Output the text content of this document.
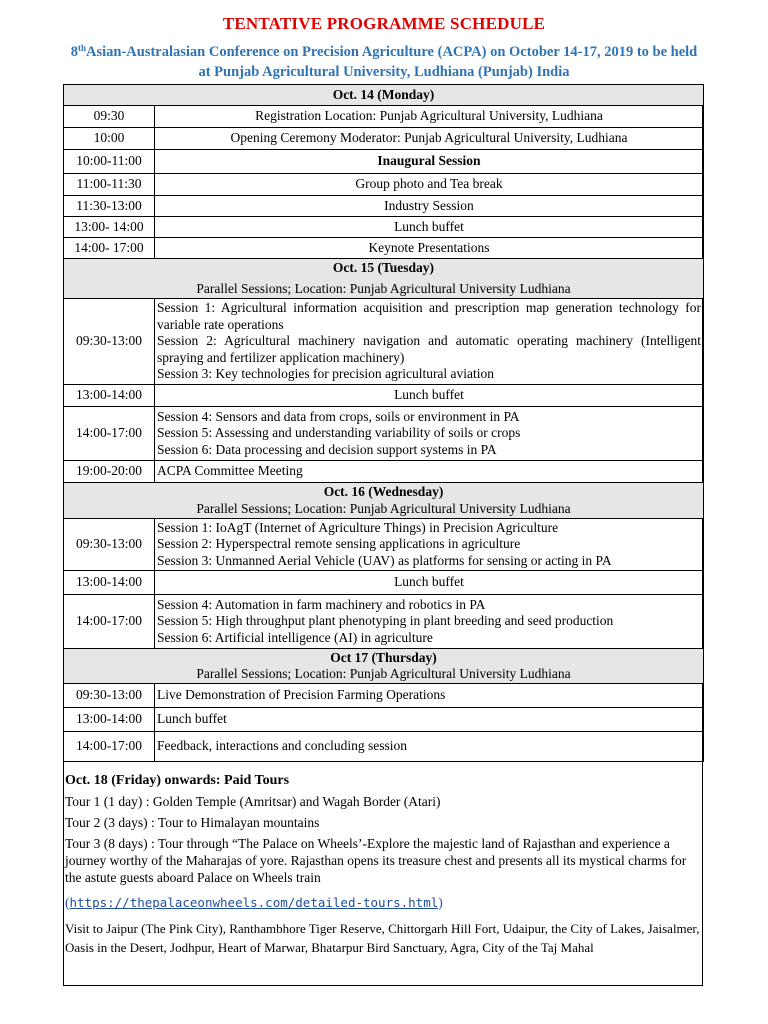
TENTATIVE PROGRAMME SCHEDULE
8thAsian-Australasian Conference on Precision Agriculture (ACPA) on October 14-17, 2019 to be held
at Punjab Agricultural University, Ludhiana (Punjab) India
Oct. 14 (Monday)	
09:30	Registration Location: Punjab Agricultural University, Ludhiana
10:00	Opening Ceremony Moderator: Punjab Agricultural University, Ludhiana
10:00-11:00	Inaugural Session
11:00-11:30	Group photo and Tea break
11:30-13:00	Industry Session
13:00- 14:00	Lunch buffet
14:00- 17:00	Keynote Presentations

Oct. 15 (Tuesday)
Parallel Sessions; Location: Punjab Agricultural University Ludhiana	

09:30-13:00	Session 1: Agricultural information acquisition and prescription map generation technology for variable rate operations
Session 2: Agricultural machinery navigation and automatic operating machinery (Intelligent spraying and fertilizer application machinery)
Session 3: Key technologies for precision agricultural aviation

13:00-14:00	Lunch buffet
14:00-17:00	Session 4: Sensors and data from crops, soils or environment in PA
Session 5: Assessing and understanding variability of soils or crops
Session 6: Data processing and decision support systems in PA

19:00-20:00	ACPA Committee Meeting

Oct. 16 (Wednesday)
Parallel Sessions; Location: Punjab Agricultural University Ludhiana	

09:30-13:00	Session 1: IoAgT (Internet of Agriculture Things) in Precision Agriculture
Session 2: Hyperspectral remote sensing applications in agriculture
Session 3: Unmanned Aerial Vehicle (UAV) as platforms for sensing or acting in PA

13:00-14:00	Lunch buffet
14:00-17:00	Session 4: Automation in farm machinery and robotics in PA
Session 5: High throughput plant phenotyping in plant breeding and seed production
Session 6: Artificial intelligence (AI) in agriculture

Oct 17 (Thursday)
Parallel Sessions; Location: Punjab Agricultural University Ludhiana	

09:30-13:00	Live Demonstration of Precision Farming Operations
13:00-14:00	Lunch buffet
14:00-17:00	Feedback, interactions and concluding session

Oct. 18 (Friday) onwards: Paid Tours

Tour 1 (1 day) : Golden Temple (Amritsar) and Wagah Border (Atari)

Tour 2 (3 days) : Tour to Himalayan mountains

Tour 3 (8 days) : Tour through “The Palace on Wheels’-Explore the majestic land of Rajasthan and experience a journey worthy of the Maharajas of yore. Rajasthan opens its treasure chest and presents all its mystical charms for the astute guests aboard Palace on Wheels train

(https://thepalaceonwheels.com/detailed-tours.html)

Visit to Jaipur (The Pink City), Ranthambhore Tiger Reserve, Chittorgarh Hill Fort, Udaipur, the City of Lakes, Jaisalmer, Oasis in the Desert, Jodhpur, Heart of Marwar, Bhatarpur Bird Sanctuary, Agra, City of the Taj Mahal
